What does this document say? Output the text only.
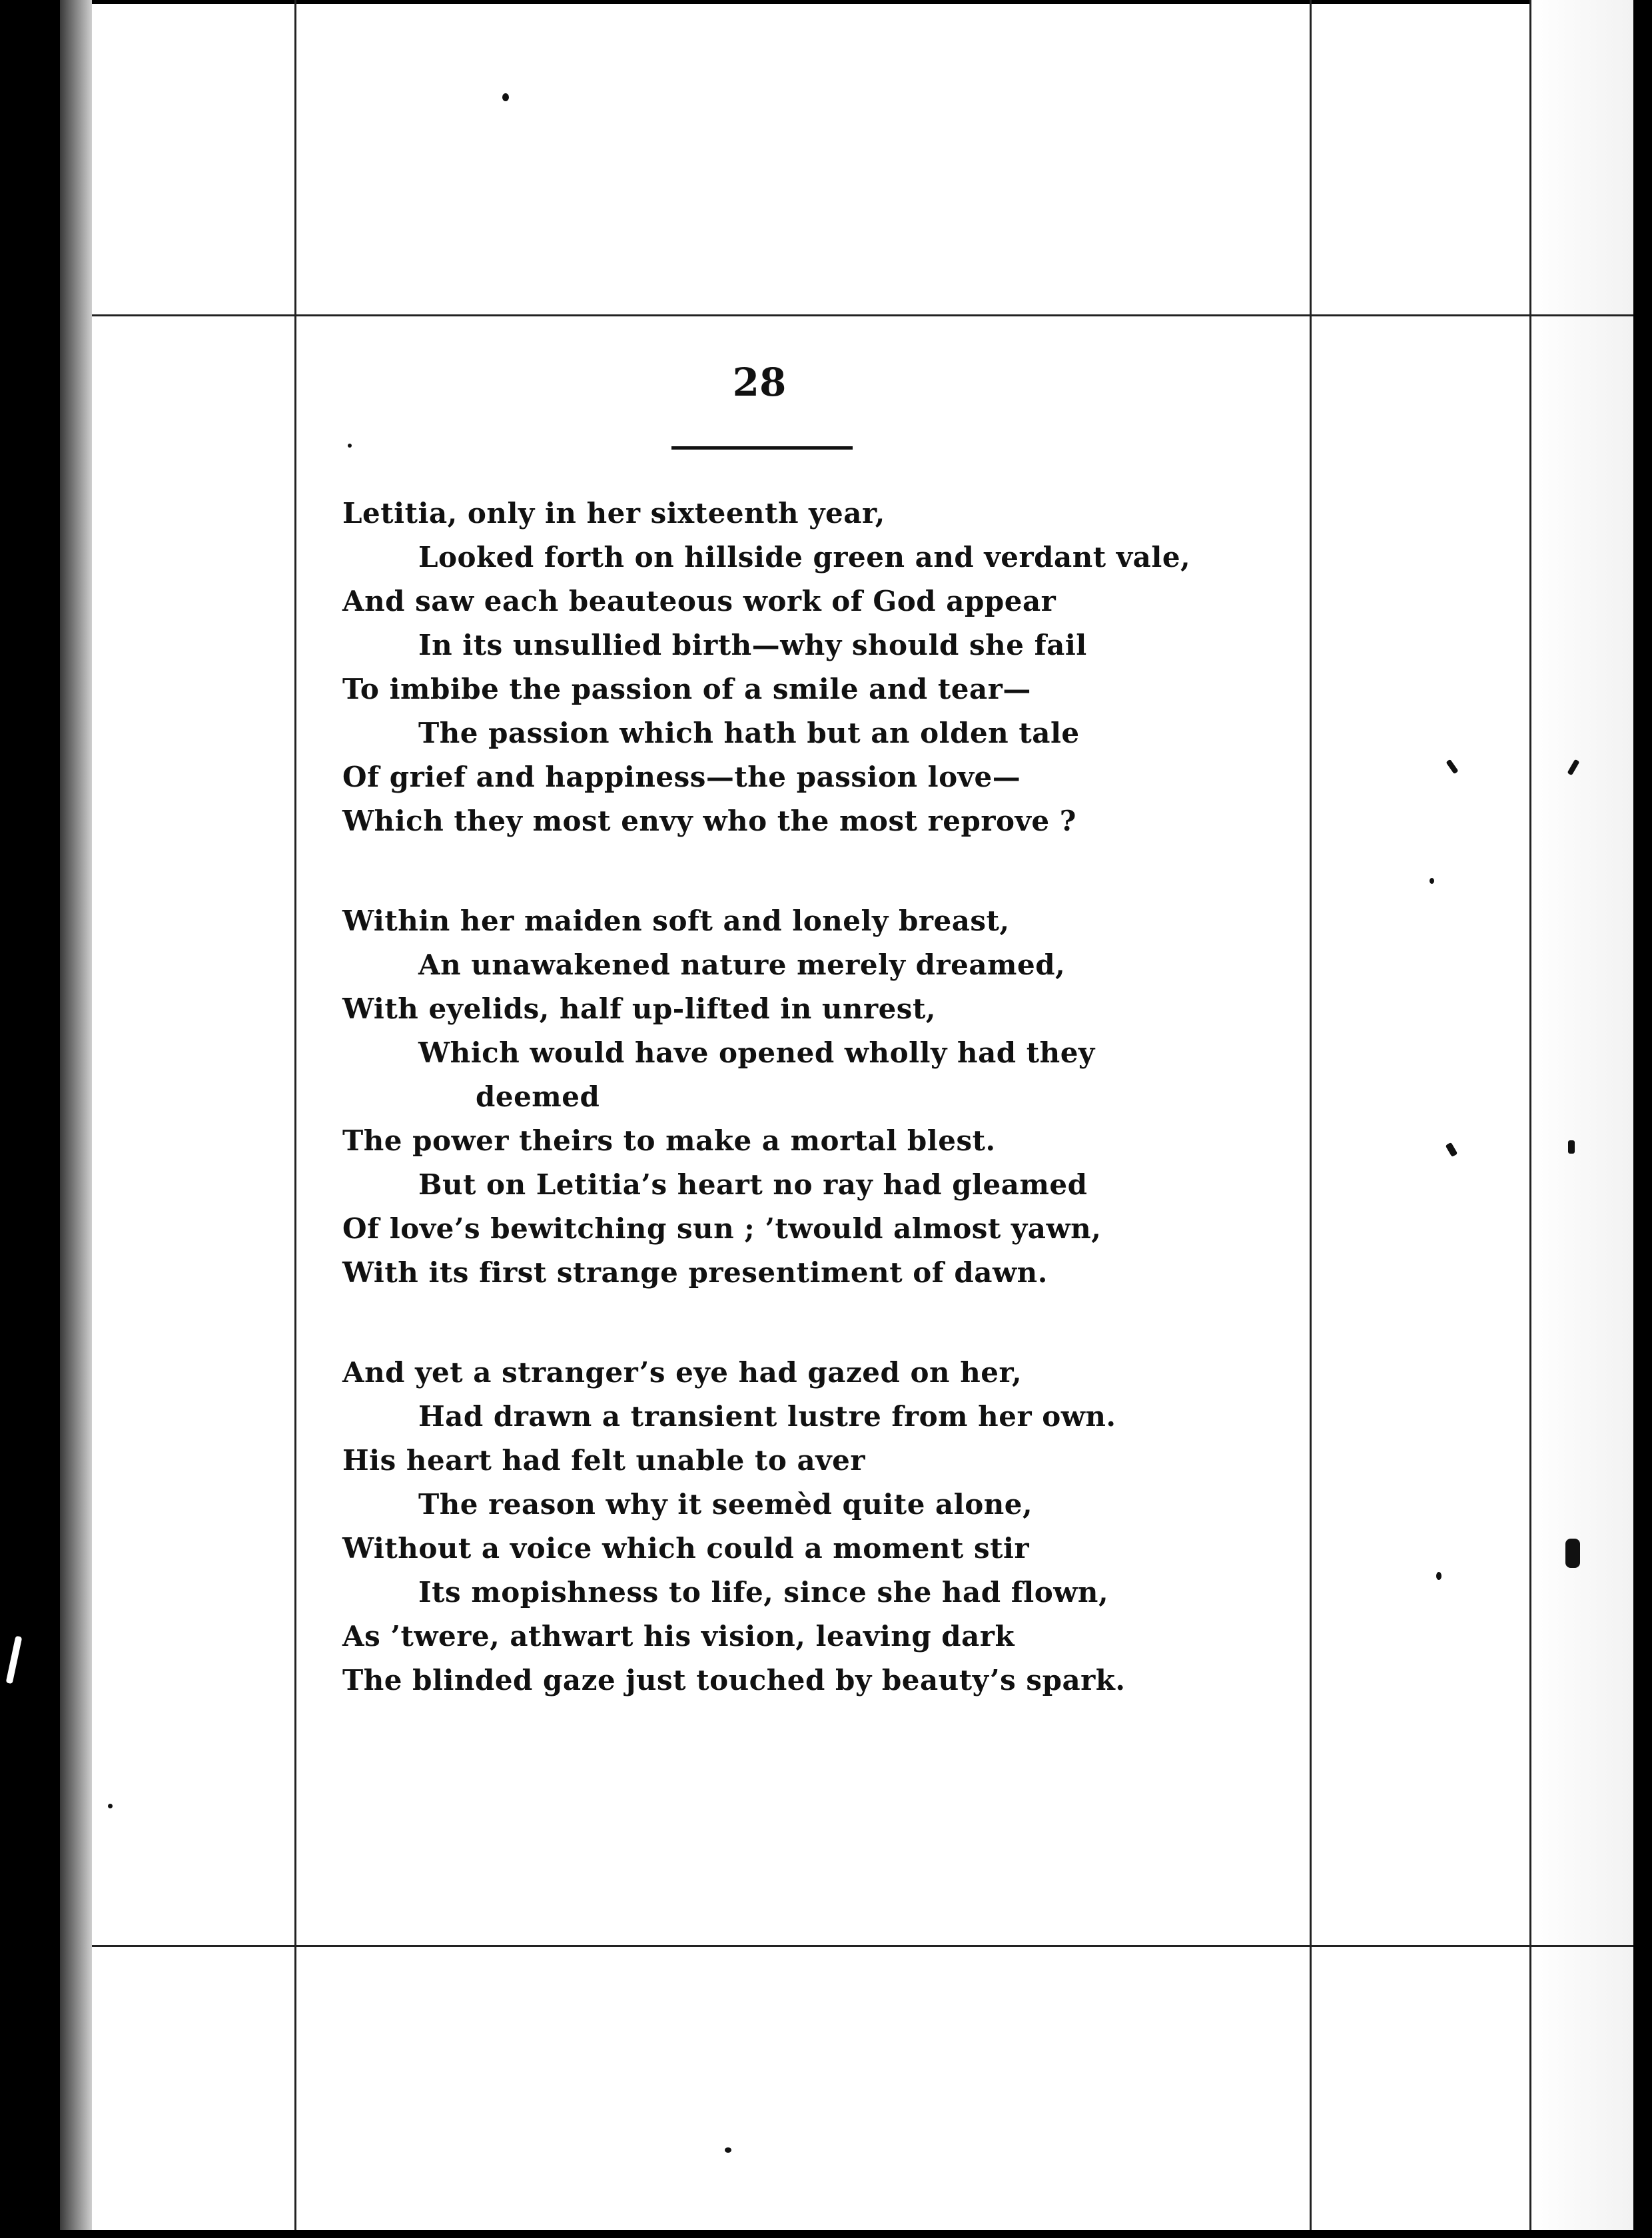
28
Letitia, only in her sixteenth year,
Looked forth on hillside green and verdant vale,
And saw each beauteous work of God appear
In its unsullied birth—why should she fail
To imbibe the passion of a smile and tear—
The passion which hath but an olden tale
Of grief and happiness—the passion love—
Which they most envy who the most reprove ?
Within her maiden soft and lonely breast,
An unawakened nature merely dreamed,
With eyelids, half up-lifted in unrest,
Which would have opened wholly had they
deemed
The power theirs to make a mortal blest.
But on Letitia’s heart no ray had gleamed
Of love’s bewitching sun ; ’twould almost yawn,
With its first strange presentiment of dawn.
And yet a stranger’s eye had gazed on her,
Had drawn a transient lustre from her own.
His heart had felt unable to aver
The reason why it seemèd quite alone,
Without a voice which could a moment stir
Its mopishness to life, since she had flown,
As ’twere, athwart his vision, leaving dark
The blinded gaze just touched by beauty’s spark.
